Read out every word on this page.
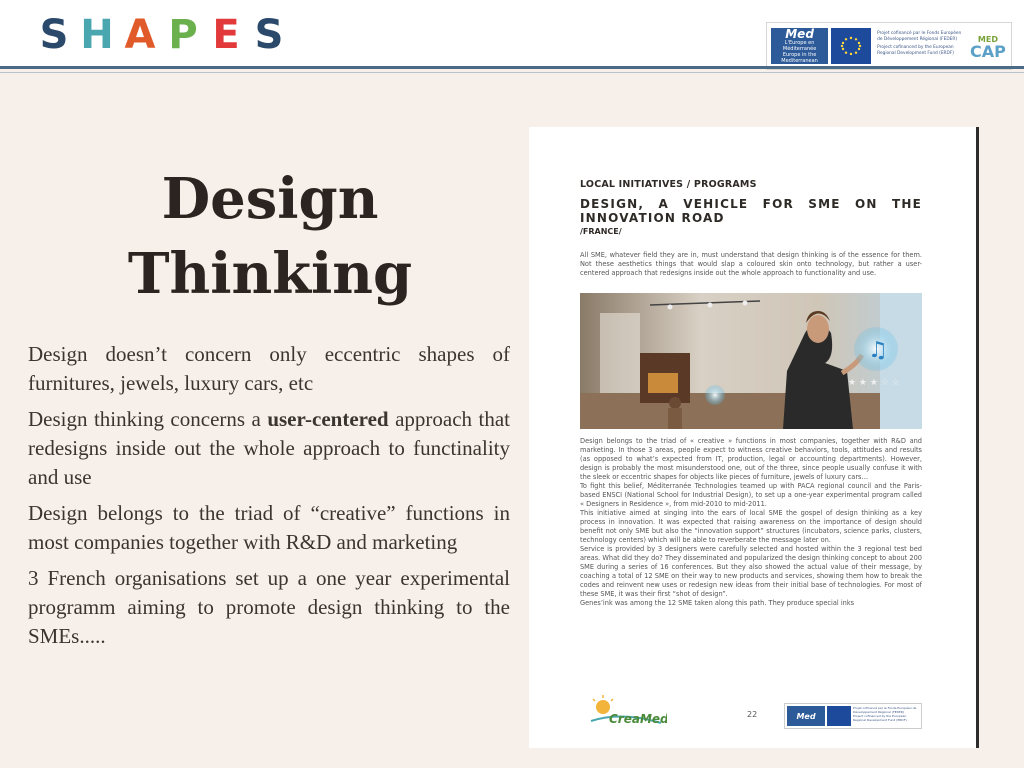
S H A P E S	Med
L'Europe en Méditerranée
Europe in the Mediterranean
Projet cofinancé par le Fonds Européen de Développement Régional (FEDER)
Project cofinanced by the European Regional Development Fund (ERDF)
MED
CAP
Design Thinking

Design doesn’t concern only eccentric shapes of furnitures, jewels, luxury cars, etc

Design thinking concerns a user-centered approach that redesigns inside out the whole approach to functinality and use

Design belongs to the triad of “creative” functions in most companies together with R&D and marketing

3 French organisations set up a one year experimental programm aiming to promote design thinking to the SMEs.....

LOCAL INITIATIVES / PROGRAMS
DESIGN, A VEHICLE FOR SME ON THE INNOVATION ROAD
/FRANCE/
All SME, whatever field they are in, must understand that design thinking is of the essence for them. Not these aesthetics things that would slap a coloured skin onto technology, but rather a user-centered approach that redesigns inside out the whole approach to functionality and use.
♫
★ ★ ★ ☆ ☆

Design belongs to the triad of « creative » functions in most companies, together with R&D and marketing. In those 3 areas, people expect to witness creative behaviors, tools, attitudes and results (as opposed to what’s expected from IT, production, legal or accounting departments). However, design is probably the most misunderstood one, out of the three, since people usually confuse it with the sleek or eccentric shapes for objects like pieces of furniture, jewels of luxury cars…

To fight this belief, Méditerranée Technologies teamed up with PACA regional council and the Paris-based ENSCI (National School for Industrial Design), to set up a one-year experimental program called « Designers in Residence », from mid-2010 to mid-2011.

This initiative aimed at singing into the ears of local SME the gospel of design thinking as a key process in innovation. It was expected that raising awareness on the importance of design should benefit not only SME but also the “innovation support” structures (incubators, science parks, clusters, technology centers) which will be able to reverberate the message later on.

Service is provided by 3 designers were carefully selected and hosted within the 3 regional test bed areas. What did they do? They disseminated and popularized the design thinking concept to about 200 SME during a series of 16 conferences. But they also showed the actual value of their message, by coaching a total of 12 SME on their way to new products and services, showing them how to break the codes and reinvent new uses or redesign new ideas from their initial base of technologies. For most of these SME, it was their first “shot of design”.

Genes’ink was among the 12 SME taken along this path. They produce special inks

CreaMed	22	Med
Projet cofinancé par le Fonds Européen de Développement Régional (FEDER)
Project cofinanced by the European Regional Development Fund (ERDF)
